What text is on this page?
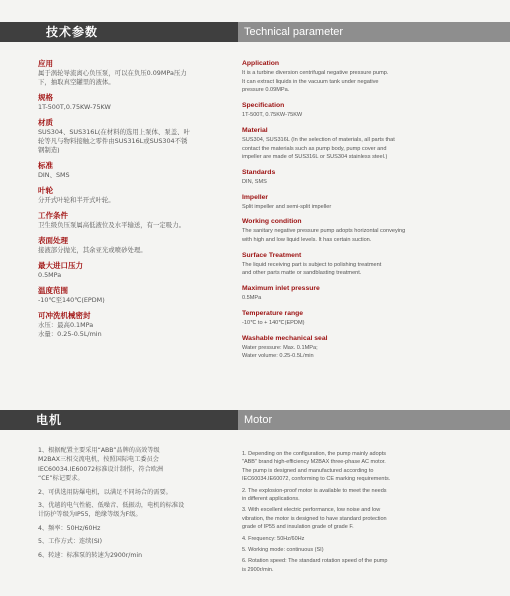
技术参数	Technical parameter
应用
属于涡轮导流离心负压泵，可以在负压0.09MPa压力
下，抽取真空罐里的液体。
规格
1T-500T,0.75KW-75KW
材质
SUS304、SUS316L(在材料的选用上泵体、泵盖、叶
轮等凡与物料接触之零件由SUS316L或SUS304不锈
钢制造)
标准
DIN、SMS
叶轮
分开式叶轮和半开式叶轮。
工作条件
卫生级负压泵属高低液位及水平输送，有一定吸力。
表面处理
接液部分抛光，其余亚光或喷砂处理。
最大进口压力
0.5MPa
温度范围
-10℃至140℃(EPDM)
可冲洗机械密封
水压：最高0.1MPa
水量：0.25-0.5L/min
Application
It is a turbine diversion centrifugal negative pressure pump.
It can extract liquids in the vacuum tank under negative
pressure 0.09MPa.
Specification
1T-500T, 0.75KW-75KW
Material
SUS304, SUS316L (In the selection of materials, all parts that
contact the materials such as pump body, pump cover and
impeller are made of SUS316L or SUS304 stainless steel.)
Standards
DIN, SMS
Impeller
Split impeller and semi-split impeller
Working condition
The sanitary negative pressure pump adopts horizontal conveying
with high and low liquid levels. It has certain suction.
Surface Treatment
The liquid receiving part is subject to polishing treatment
and other parts matte or sandblasting treatment.
Maximum inlet pressure
0.5MPa
Temperature range
-10℃ to + 140℃(EPDM)
Washable mechanical seal
Water pressure: Max. 0.1MPa;
Water volume: 0.25-0.5L/min
电机	Motor
1、根据配置主要采用“ABB”品牌的高效等级
M2BAX三相交流电机，按照国际电工委员会
IEC60034.IE60072标准设计制作，符合欧洲
“CE”标记要求。
2、可供选用防爆电机，以满足不同场合的需要。
3、优越的电气性能、低噪音、低振动，电机的标准设
计防护等级为IP55，绝缘等级为F级。
4、频率：50Hz/60Hz
5、工作方式：连续(SI)
6、转速：标准泵的转速为2900r/min
1. Depending on the configuration, the pump mainly adopts
"ABB" brand high-efficiency M2BAX three-phase AC motor.
The pump is designed and manufactured according to
IEC60034.IE60072, conforming to CE marking requirements.
2. The explosion-proof motor is available to meet the needs
in different applications.
3. With excellent electric performance, low noise and low
vibration, the motor is designed to have standard protection
grade of IP55 and insulation grade of grade F.
4. Frequency: 50Hz/60Hz
5. Working mode: continuous (SI)
6. Rotation speed: The standard rotation speed of the pump
is 2900r/min.
